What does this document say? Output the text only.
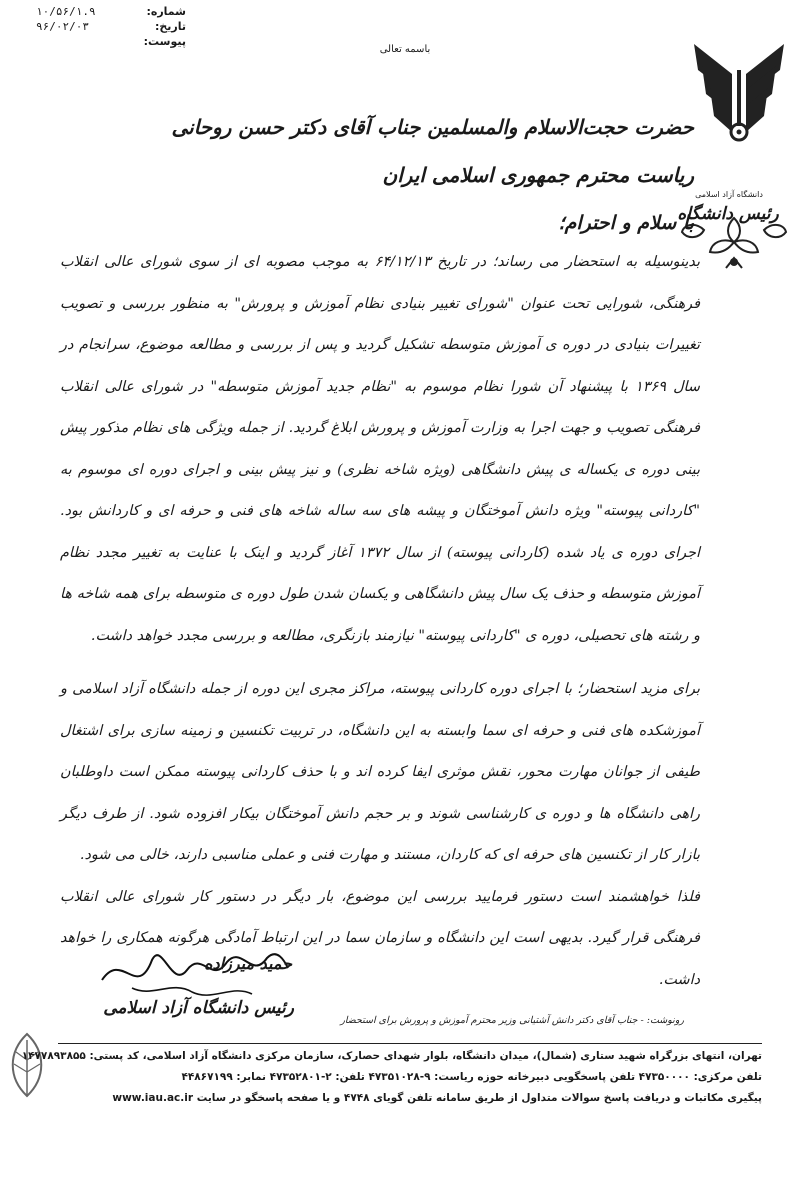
شماره:
۱۰/۵۶/۱.۹
تاریخ:
۹۶/۰۲/۰۳
پیوست:
باسمه تعالی
دانشگاه آزاد اسلامی
رئیس دانشگاه
حضرت حجت‌الاسلام والمسلمین جناب آقای دکتر حسن روحانی
ریاست محترم جمهوری اسلامی ایران
با سلام و احترام؛

بدینوسیله به استحضار می رساند؛ در تاریخ ۶۴/۱۲/۱۳ به موجب مصوبه ای از سوی شورای عالی انقلاب فرهنگی، شورایی تحت عنوان "شورای تغییر بنیادی نظام آموزش و پرورش" به منظور بررسی و تصویب تغییرات بنیادی در دوره ی آموزش متوسطه تشکیل گردید و پس از بررسی و مطالعه موضوع، سرانجام در سال ۱۳۶۹ با پیشنهاد آن شورا نظام موسوم به "نظام جدید آموزش متوسطه" در شورای عالی انقلاب فرهنگی تصویب و جهت اجرا به وزارت آموزش و پرورش ابلاغ گردید. از جمله ویژگی های نظام مذکور پیش بینی دوره ی یکساله ی پیش دانشگاهی (ویژه شاخه نظری) و نیز پیش بینی و اجرای دوره ای موسوم به "کاردانی پیوسته" ویژه دانش آموختگان و پیشه های سه ساله شاخه های فنی و حرفه ای و کاردانش بود. اجرای دوره ی یاد شده (کاردانی پیوسته) از سال ۱۳۷۲ آغاز گردید و اینک با عنایت به تغییر مجدد نظام آموزش متوسطه و حذف یک سال پیش دانشگاهی و یکسان شدن طول دوره ی متوسطه برای همه شاخه ها و رشته های تحصیلی، دوره ی "کاردانی پیوسته" نیازمند بازنگری، مطالعه و بررسی مجدد خواهد داشت.

برای مزید استحضار؛ با اجرای دوره کاردانی پیوسته، مراکز مجری این دوره از جمله دانشگاه آزاد اسلامی و آموزشکده های فنی و حرفه ای سما وابسته به این دانشگاه، در تربیت تکنسین و زمینه سازی برای اشتغال طیفی از جوانان مهارت محور، نقش موثری ایفا کرده اند و با حذف کاردانی پیوسته ممکن است داوطلبان راهی دانشگاه ها و دوره ی کارشناسی شوند و بر حجم دانش آموختگان بیکار افزوده شود. از طرف دیگر بازار کار از تکنسین های حرفه ای که کاردان، مستند و مهارت فنی و عملی مناسبی دارند، خالی می شود.

فلذا خواهشمند است دستور فرمایید بررسی این موضوع، بار دیگر در دستور کار شورای عالی انقلاب فرهنگی قرار گیرد. بدیهی است این دانشگاه و سازمان سما در این ارتباط آمادگی هرگونه همکاری را خواهد داشت.

حمید میرزاده
رئیس دانشگاه آزاد اسلامی
رونوشت: - جناب آقای دکتر دانش آشتیانی وزیر محترم آموزش و پرورش برای استحضار
تهران، انتهای بزرگراه شهید ستاری (شمال)، میدان دانشگاه، بلوار شهدای حصارک، سازمان مرکزی دانشگاه آزاد اسلامی، کد پستی: ۱۴۷۷۸۹۳۸۵۵
تلفن مرکزی: ۴۷۳۵۰۰۰۰ تلفن پاسخگویی دبیرخانه حوزه ریاست: ۹-۴۷۳۵۱۰۲۸ تلفن: ۲-۴۷۳۵۲۸۰۱ نمابر: ۴۴۸۶۷۱۹۹
پیگیری مکاتبات و دریافت پاسخ سوالات متداول از طریق سامانه تلفن گویای ۴۷۴۸ و یا صفحه پاسخگو در سایت www.iau.ac.ir
